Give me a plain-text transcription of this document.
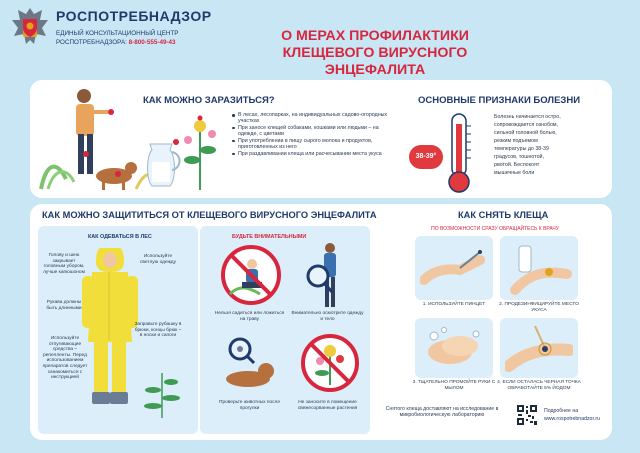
РОСПОТРЕБНАДЗОР
ЕДИНЫЙ КОНСУЛЬТАЦИОННЫЙ ЦЕНТР
РОСПОТРЕБНАДЗОРА: 8-800-555-49-43	О МЕРАХ ПРОФИЛАКТИКИ
КЛЕЩЕВОГО ВИРУСНОГО ЭНЦЕФАЛИТА
КАК МОЖНО ЗАРАЗИТЬСЯ?
В лесах, лесопарках, на индивидуальных садово-огородных участках
При заносе клещей собаками, кошками или людьми – на одежде, с цветами
При употреблении в пищу сырого молока и продуктов, приготовленных из него
При раздавливании клеща или расчесывании места укуса
ОСНОВНЫЕ ПРИЗНАКИ БОЛЕЗНИ
38-39°
Болезнь начинается остро,
сопровождается ознобом,
сильной головной болью,
резким подъемом
температуры до 38-39
градусов, тошнотой,
рвотой. Беспокоят
мышечные боли
КАК МОЖНО ЗАЩИТИТЬСЯ ОТ КЛЕЩЕВОГО ВИРУСНОГО ЭНЦЕФАЛИТА	КАК СНЯТЬ КЛЕЩА
КАК ОДЕВАТЬСЯ В ЛЕС
Голову и шею закрывает головным убором, лучше капюшоном
Используйте светлую одежду
Рукава должны быть длинными
Заправьте рубашку в брюки, концы брюк – в носки и сапоги
Используйте отпугивающие средства – репелленты. Перед использованием препаратов следует ознакомиться с инструкцией
БУДЬТЕ ВНИМАТЕЛЬНЫМИ
Нельзя садиться или ложиться на траву
Внимательно осмотрите одежду и тело
Проверьте животных после прогулки
Не заносите в помещение свежесорванные растения
ПО ВОЗМОЖНОСТИ СРАЗУ ОБРАЩАЙТЕСЬ К ВРАЧУ
1. ИСПОЛЬЗУЙТЕ ПИНЦЕТ	2. ПРОДЕЗИНФИЦИРУЙТЕ МЕСТО УКУСА
3. ТЩАТЕЛЬНО ПРОМОЙТЕ РУКИ С МЫЛОМ
4. ЕСЛИ ОСТАЛАСЬ ЧЕРНАЯ ТОЧКА ОБРАБОТАЙТЕ 5% ЙОДОМ
Снятого клеща доставляют на исследование в микробиологическую лабораторию
Подробнее на
www.rospotrebnadzor.ru
